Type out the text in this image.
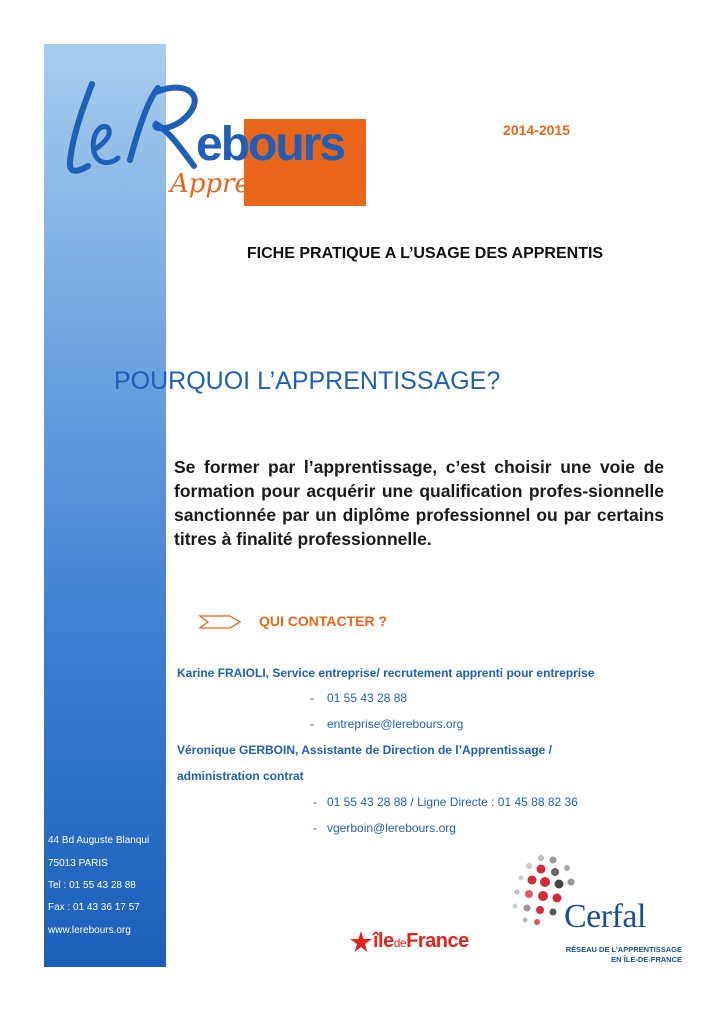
ebours
Apprentissage
2014-2015
FICHE PRATIQUE A L’USAGE DES APPRENTIS
POURQUOI L’APPRENTISSAGE?
Se former par l’apprentissage, c’est choisir une voie de formation pour acquérir une qualification profes-sionnelle sanctionnée par un diplôme professionnel ou par certains titres à finalité professionnelle.
QUI CONTACTER ?
Karine FRAIOLI, Service entreprise/ recrutement apprenti pour entreprise
- 01 55 43 28 88
- entreprise@lerebours.org
Véronique GERBOIN, Assistante de Direction de l’Apprentissage /
administration contrat
- 01 55 43 28 88 / Ligne Directe : 01 45 88 82 36
- vgerboin@lerebours.org
44 Bd Auguste Blanqui
75013 PARIS
Tel : 01 55 43 28 88
Fax : 01 43 36 17 57
www.lerebours.org	îledeFrance
Cerfal
RÉSEAU DE L’APPRENTISSAGE
EN ÎLE-DE-FRANCE
